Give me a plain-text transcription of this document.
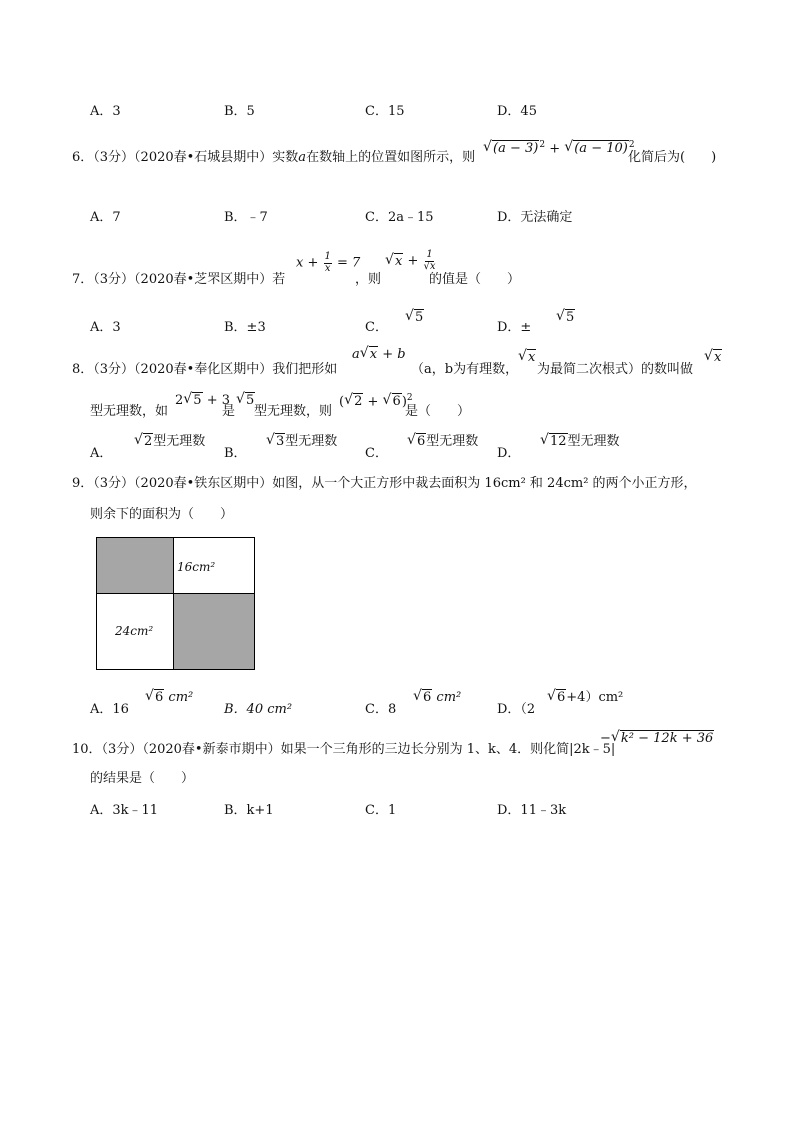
A．3	B．5	C．15	D．45
6．（3分）（2020春•石城县期中）实数a在数轴上的位置如图所示，则
√ $(a - 3)^2$ + √ $(a - 10)^2$
化简后为(　　)
A．7	B．﹣7	C．2a﹣15	D．无法确定
7．（3分）（2020春•芝罘区期中）若
$x + \frac{1}{x} = 7$
，则
√ $x + \frac{1}{√x}$
的值是（　　）
A．3	B．±3	C．
√ 5
D．±
√ 5
8．（3分）（2020春•奉化区期中）我们把形如
a √ x + b
（a，b为有理数，
√ x
为最简二次根式）的数叫做
√ x
型无理数，如
2 √ 5 + 3
是
√ 5
型无理数，则
( √ 2 + √ 6)$^2$
是（　　）
A．
√ 2型无理数
B．
√ 3型无理数
C．
√ 6型无理数
D．
√ 12型无理数
9．（3分）（2020春•铁东区期中）如图，从一个大正方形中裁去面积为 16cm² 和 24cm² 的两个小正方形，
则余下的面积为（　　）
16cm²
24cm²
A．16
√ 6 cm²
B．40 cm²	C．8
√ 6 cm²
D．（2
√ 6+4）cm²
10．（3分）（2020春•新泰市期中）如果一个三角形的三边长分别为 1、k、4．则化简|2k﹣5|
− √ k² − 12k + 36
的结果是（　　）
A．3k﹣11	B．k+1	C．1	D．11﹣3k
